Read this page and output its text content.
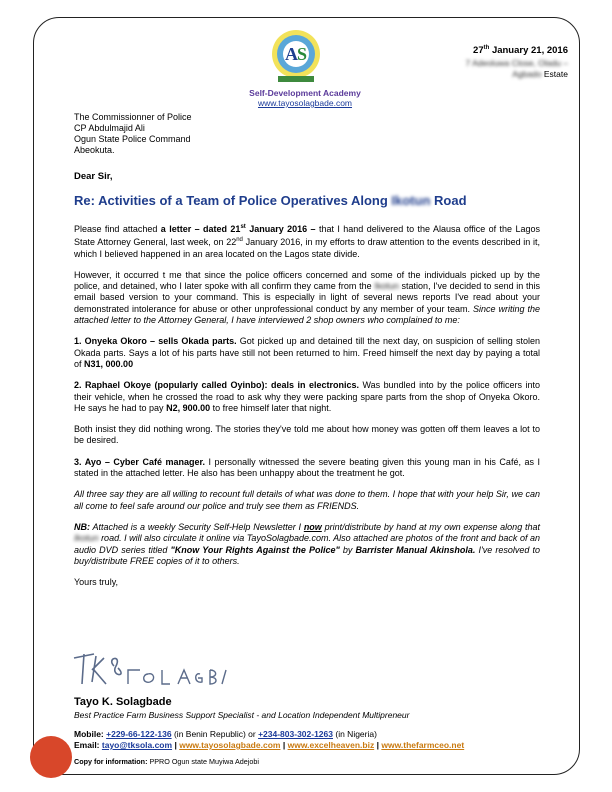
A S
Self-Development Academy
www.tayosolagbade.com
27th January 21, 2016
7 Adeoluwa Close, Oladu –
Agbado Estate
The Commissionner of Police
CP Abdulmajid Ali
Ogun State Police Command
Abeokuta.
Dear Sir,
Re: Activities of a Team of Police Operatives Along Ikotun Road

Please find attached a letter – dated 21st January 2016 – that I hand delivered to the Alausa office of the Lagos State Attorney General, last week, on 22nd January 2016, in my efforts to draw attention to the events described in it, which I believed happened in an area located on the Lagos state divide.

However, it occurred t me that since the police officers concerned and some of the individuals picked up by the police, and detained, who I later spoke with all confirm they came from the Ikotun station, I've decided to send in this email based version to your command. This is especially in light of several news reports I've read about your demonstrated intolerance for abuse or other unprofessional conduct by any member of your team. Since writing the attached letter to the Attorney General, I have interviewed 2 shop owners who complained to me:

1. Onyeka Okoro – sells Okada parts. Got picked up and detained till the next day, on suspicion of selling stolen Okada parts. Says a lot of his parts have still not been returned to him. Freed himself the next day by paying a total of N31, 000.00

2. Raphael Okoye (popularly called Oyinbo): deals in electronics. Was bundled into by the police officers into their vehicle, when he crossed the road to ask why they were packing spare parts from the shop of Onyeka Okoro. He says he had to pay N2, 900.00 to free himself later that night.

Both insist they did nothing wrong. The stories they've told me about how money was gotten off them leaves a lot to be desired.

3. Ayo – Cyber Café manager. I personally witnessed the severe beating given this young man in his Café, as I stated in the attached letter. He also has been unhappy about the treatment he got.

All three say they are all willing to recount full details of what was done to them. I hope that with your help Sir, we can all come to feel safe around our police and truly see them as FRIENDS.

NB: Attached is a weekly Security Self-Help Newsletter I now print/distribute by hand at my own expense along that Ikotun road. I will also circulate it online via TayoSolagbade.com. Also attached are photos of the front and back of an audio DVD series titled "Know Your Rights Against the Police" by Barrister Manual Akinshola. I've resolved to buy/distribute FREE copies of it to others.

Yours truly,

Tayo K. Solagbade
Best Practice Farm Business Support Specialist - and Location Independent Multipreneur
Mobile: +229-66-122-136 (in Benin Republic) or +234-803-302-1263 (in Nigeria)
Email: tayo@tksola.com | www.tayosolagbade.com | www.excelheaven.biz | www.thefarmceo.net
Copy for information: PPRO Ogun state Muyiwa Adejobi
